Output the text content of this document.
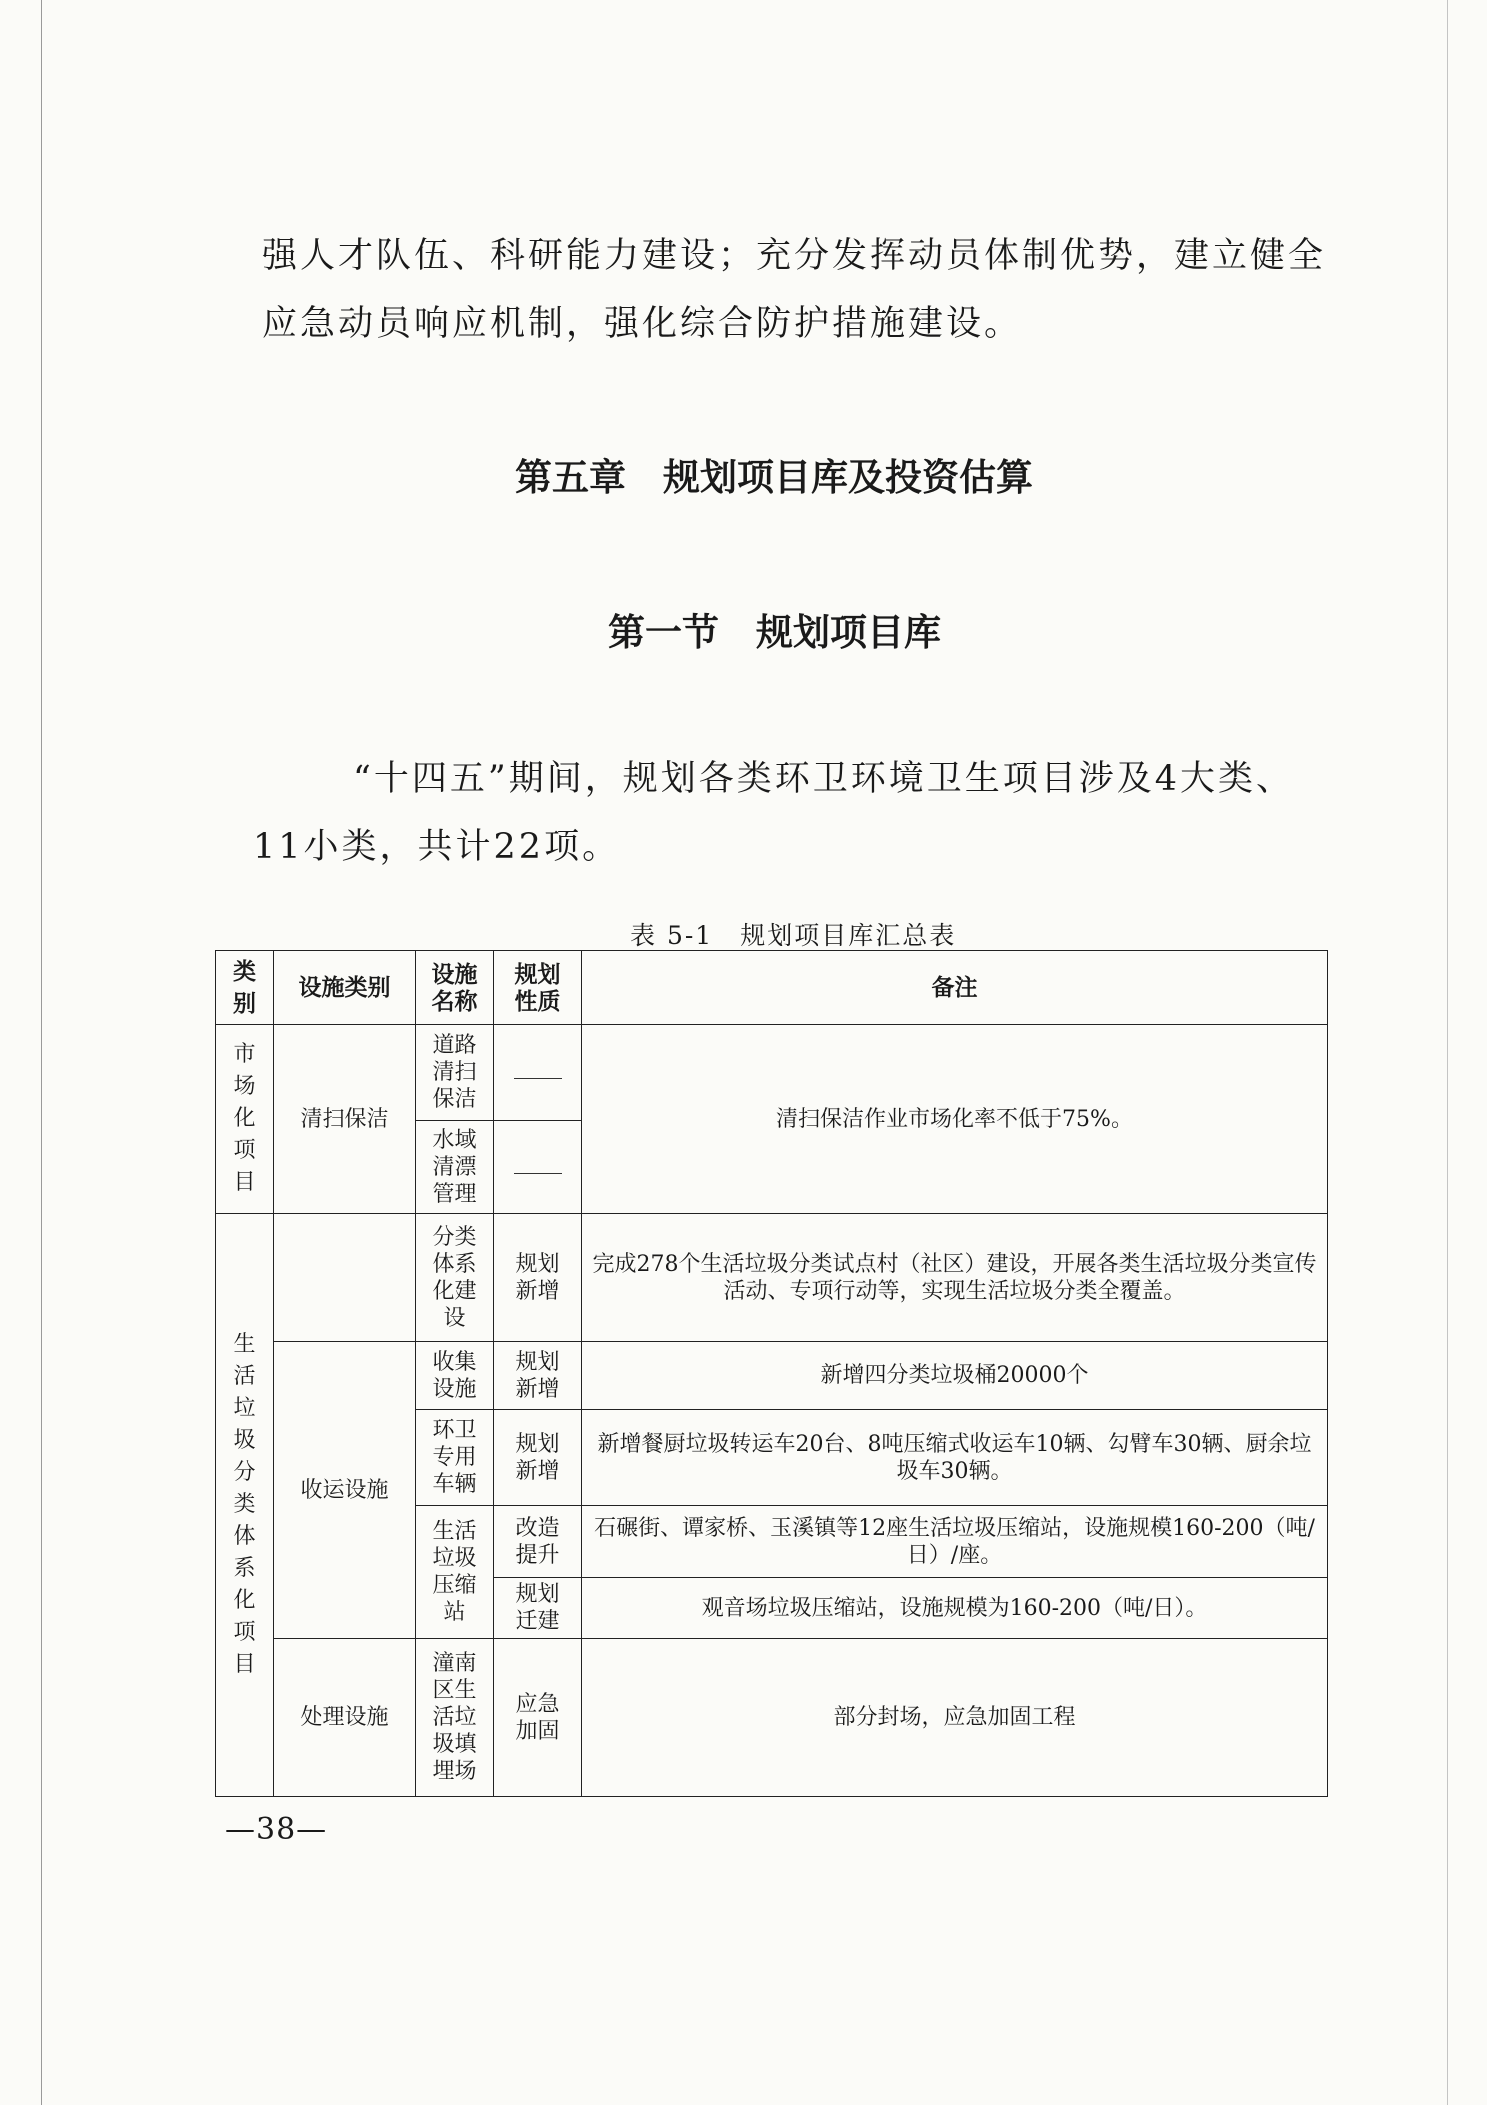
强人才队伍、科研能力建设；充分发挥动员体制优势，建立健全应急动员响应机制，强化综合防护措施建设。

第五章　规划项目库及投资估算
第一节　规划项目库

“十四五”期间，规划各类环卫环境卫生项目涉及4大类、11小类，共计22项。

表 5-1　规划项目库汇总表
类别	设施类别	设施名称	规划性质	备注
市场化项目	清扫保洁	道路清扫保洁		清扫保洁作业市场化率不低于75%。
		水域清漂管理		
生活垃圾分类体系化项目		分类体系化建设	规划新增	完成278个生活垃圾分类试点村（社区）建设，开展各类生活垃圾分类宣传活动、专项行动等，实现生活垃圾分类全覆盖。
	收运设施	收集设施	规划新增	新增四分类垃圾桶20000个
		环卫专用车辆	规划新增	新增餐厨垃圾转运车20台、8吨压缩式收运车10辆、勾臂车30辆、厨余垃圾车30辆。
		生活垃圾压缩站	改造提升	石碾街、谭家桥、玉溪镇等12座生活垃圾压缩站，设施规模160-200（吨/日）/座。
			规划迁建	观音场垃圾压缩站，设施规模为160-200（吨/日）。
	处理设施	潼南区生活垃圾填埋场	应急加固	部分封场，应急加固工程
—38—
